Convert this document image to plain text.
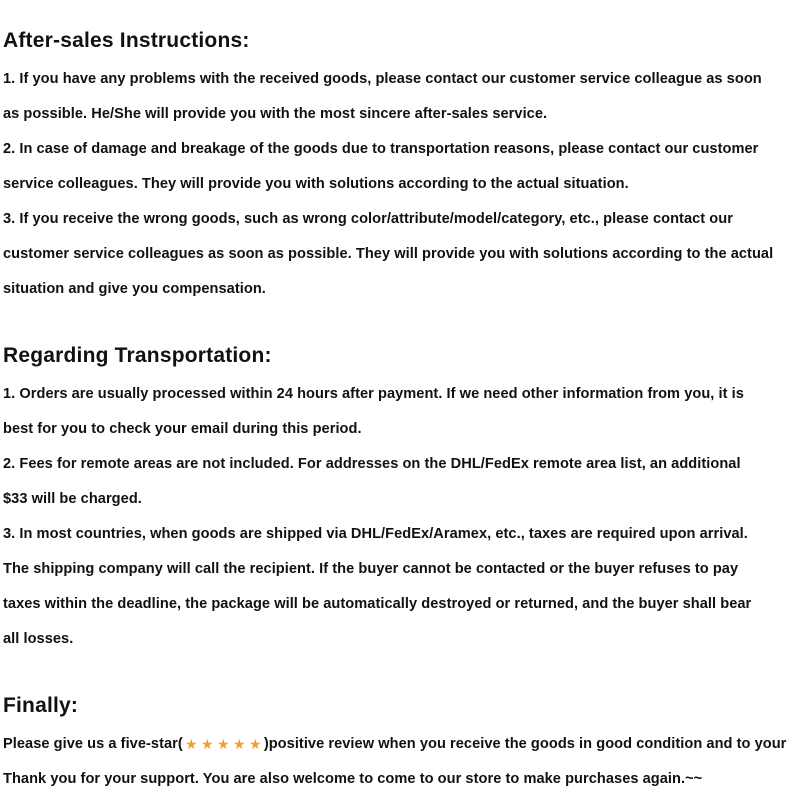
After-sales Instructions:
1. If you have any problems with the received goods, please contact our customer service colleague as soon
as possible. He/She will provide you with the most sincere after-sales service.
2. In case of damage and breakage of the goods due to transportation reasons, please contact our customer
service colleagues. They will provide you with solutions according to the actual situation.
3. If you receive the wrong goods, such as wrong color/attribute/model/category, etc., please contact our
customer service colleagues as soon as possible. They will provide you with solutions according to the actual
situation and give you compensation.
Regarding Transportation:
1. Orders are usually processed within 24 hours after payment. If we need other information from you, it is
best for you to check your email during this period.
2. Fees for remote areas are not included. For addresses on the DHL/FedEx remote area list, an additional
$33 will be charged.
3. In most countries, when goods are shipped via DHL/FedEx/Aramex, etc., taxes are required upon arrival.
The shipping company will call the recipient. If the buyer cannot be contacted or the buyer refuses to pay
taxes within the deadline, the package will be automatically destroyed or returned, and the buyer shall bear
all losses.
Finally:
Please give us a five-star( ★ ★ ★ ★ ★ )positive review when you receive the goods in good condition and to your
Thank you for your support. You are also welcome to come to our store to make purchases again.~~
